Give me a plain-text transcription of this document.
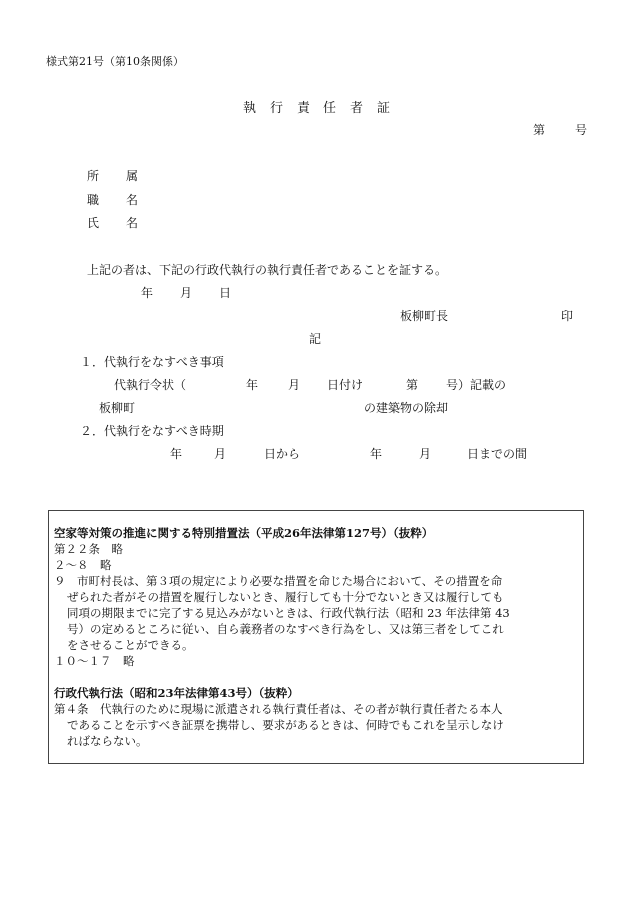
様式第21号（第10条関係）
執 行 責 任 者 証
第 号
所 属
職 名
氏 名
上記の者は、下記の行政代執行の執行責任者であることを証する。
年 月 日
板柳町長	印
記
１．代執行をなすべき事項
代執行令状（	年 月 日付け	第 号）記載の
板柳町	の建築物の除却
２．代執行をなすべき時期
年	月	日から	年	月	日までの間
空家等対策の推進に関する特別措置法（平成26年法律第127号）（抜粋）
第２２条　略
２～８　略
９　市町村長は、第３項の規定により必要な措置を命じた場合において、その措置を命
ぜられた者がその措置を履行しないとき、履行しても十分でないとき又は履行しても
同項の期限までに完了する見込みがないときは、行政代執行法（昭和 23 年法律第 43
号）の定めるところに従い、自ら義務者のなすべき行為をし、又は第三者をしてこれ
をさせることができる。
１０～１７　略
行政代執行法（昭和23年法律第43号）（抜粋）
第４条　代執行のために現場に派遣される執行責任者は、その者が執行責任者たる本人
であることを示すべき証票を携帯し、要求があるときは、何時でもこれを呈示しなけ
ればならない。
